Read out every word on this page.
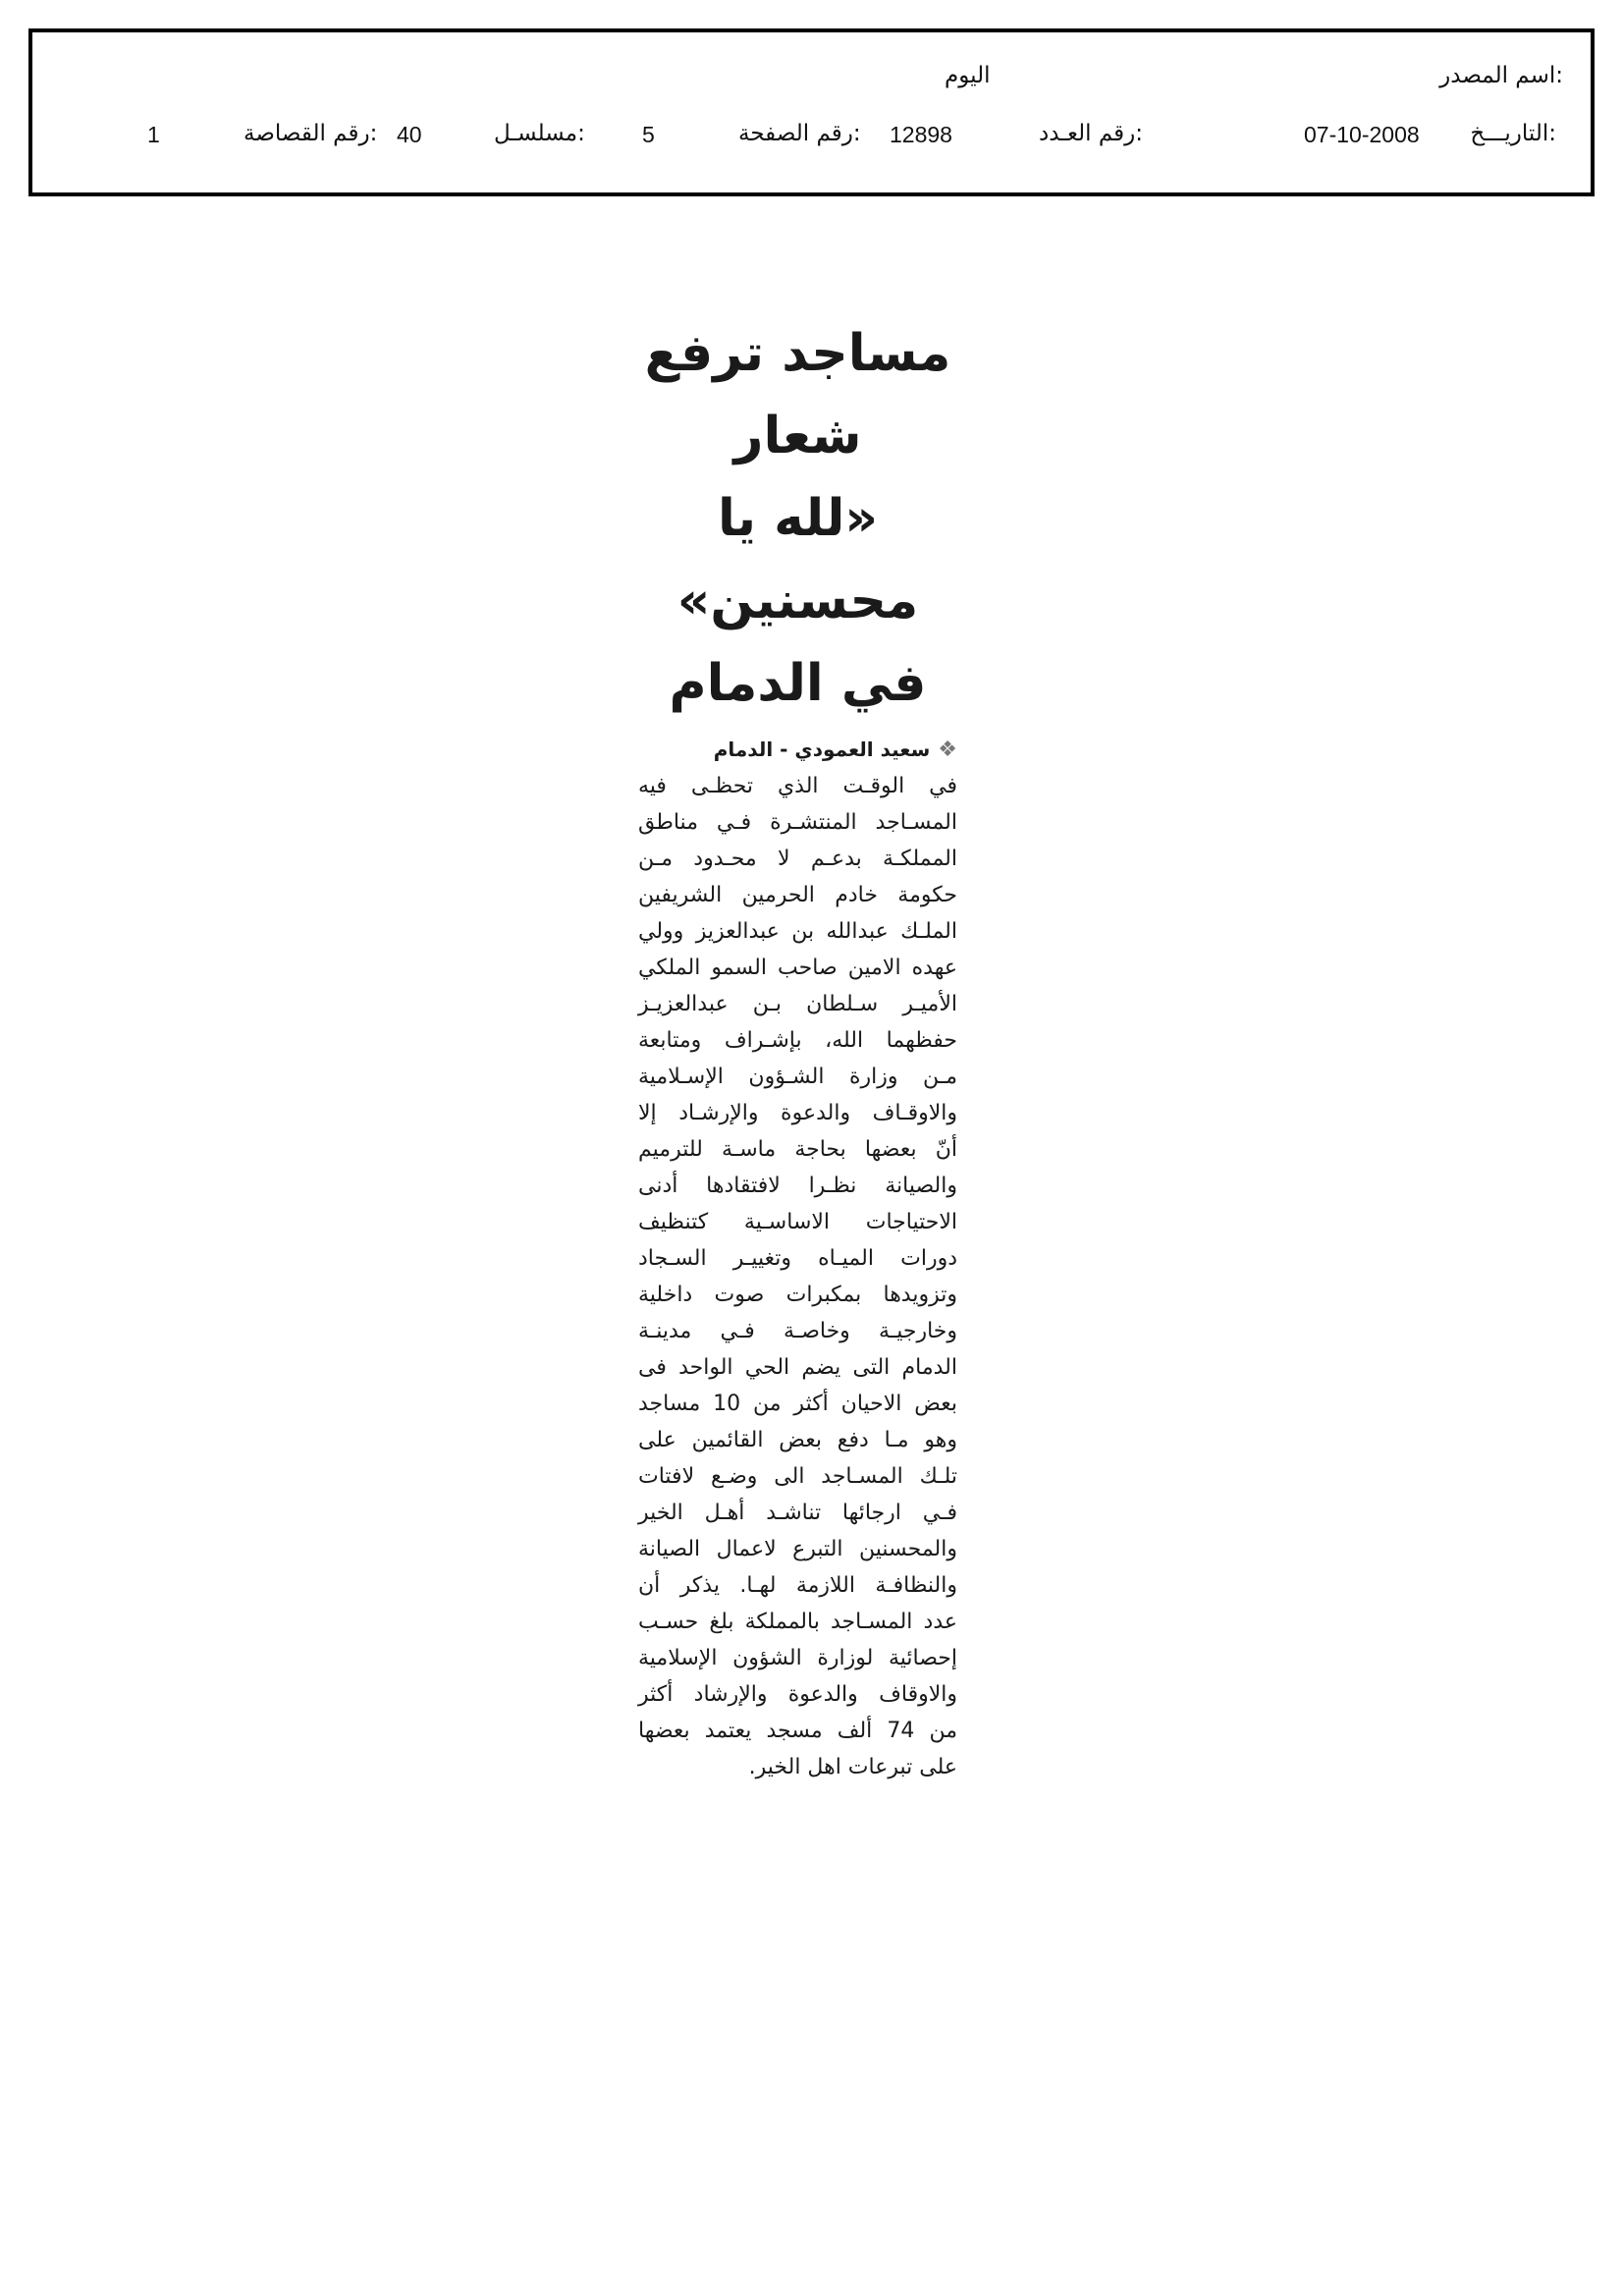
اسم المصدر:
اليوم
التاريـــخ:
07-10-2008
رقم العـدد:
12898
رقم الصفحة:
5
مسلسـل:
40
رقم القصاصة:
1
مساجد ترفع شعار
«لله يا محسنين»
في الدمام
❖
سعيد العمودي - الدمام
في الوقـت الذي تحظـى فيه
المسـاجد المنتشـرة فـي مناطق
المملكـة بدعـم لا محـدود مـن
حكومة خادم الحرمين الشريفين
الملـك عبدالله بن عبدالعزيز وولي
عهده الامين صاحب السمو الملكي
الأميـر سـلطان بـن عبدالعزيـز
حفظهما الله، بإشـراف ومتابعة
مـن وزارة الشـؤون الإسـلامية
والاوقـاف والدعوة والإرشـاد إلا
أنّ بعضها بحاجة ماسـة للترميم
والصيانة نظـرا لافتقادها أدنى
الاحتياجات الاساسـية كتنظيف
دورات الميـاه وتغييـر السـجاد
وتزويدها بمكبرات صوت داخلية
وخارجيـة وخاصـة فـي مدينـة
الدمام التى يضم الحي الواحد فى
بعض الاحيان أكثر من 10 مساجد
وهو مـا دفع بعض القائمين على
تلـك المسـاجد الى وضـع لافتات
فـي ارجائها تناشـد أهـل الخير
والمحسنين التبرع لاعمال الصيانة
والنظافـة اللازمة لهـا. يذكر أن
عدد المسـاجد بالمملكة بلغ حسـب
إحصائية لوزارة الشؤون الإسلامية
والاوقاف والدعوة والإرشاد أكثر
من 74 ألف مسجد يعتمد بعضها
على تبرعات اهل الخير.
